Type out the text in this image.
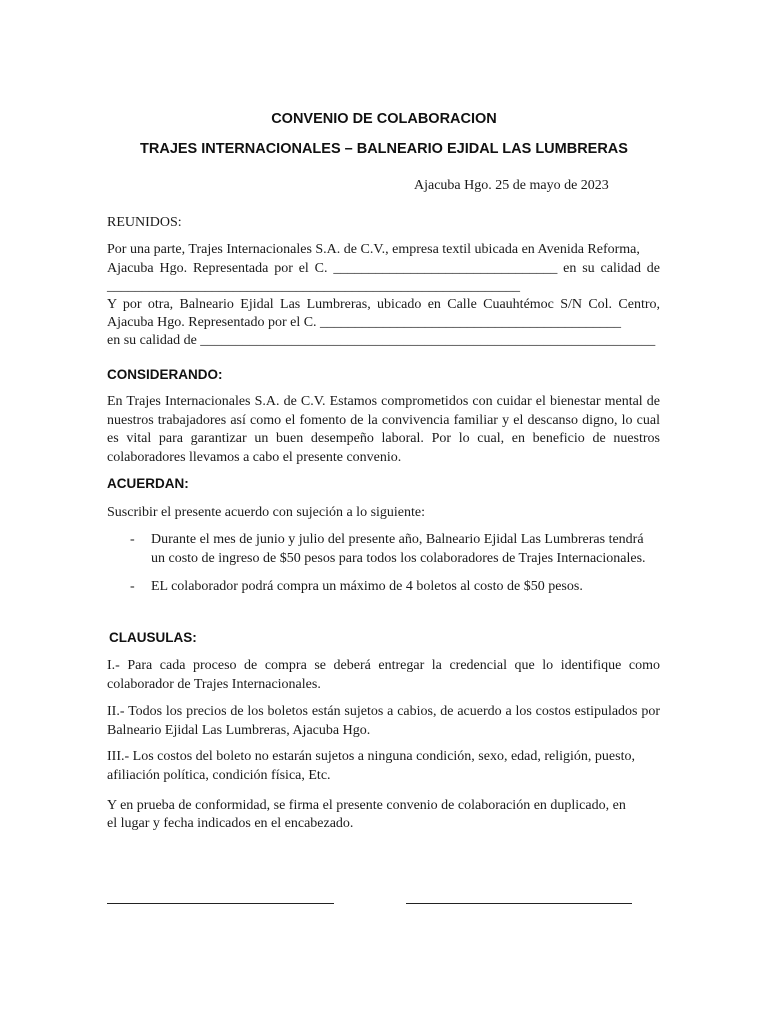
CONVENIO DE COLABORACION
TRAJES INTERNACIONALES – BALNEARIO EJIDAL LAS LUMBRERAS
Ajacuba Hgo. 25 de mayo de 2023
REUNIDOS:
Por una parte, Trajes Internacionales S.A. de C.V., empresa textil ubicada en Avenida Reforma,
Ajacuba Hgo. Representada por el C. ________________________________ en su calidad de
___________________________________________________________
Y por otra, Balneario Ejidal Las Lumbreras, ubicado en Calle Cuauhtémoc S/N Col. Centro,
Ajacuba Hgo. Representado por el C. ___________________________________________
en su calidad de _________________________________________________________________
CONSIDERANDO:
En Trajes Internacionales S.A. de C.V. Estamos comprometidos con cuidar el bienestar mental de nuestros trabajadores así como el fomento de la convivencia familiar y el descanso digno, lo cual es vital para garantizar un buen desempeño laboral. Por lo cual, en beneficio de nuestros colaboradores llevamos a cabo el presente convenio.
ACUERDAN:
Suscribir el presente acuerdo con sujeción a lo siguiente:
- Durante el mes de junio y julio del presente año, Balneario Ejidal Las Lumbreras tendrá
un costo de ingreso de $50 pesos para todos los colaboradores de Trajes Internacionales.
- EL colaborador podrá compra un máximo de 4 boletos al costo de $50 pesos.
CLAUSULAS:
I.- Para cada proceso de compra se deberá entregar la credencial que lo identifique como colaborador de Trajes Internacionales.
II.- Todos los precios de los boletos están sujetos a cabios, de acuerdo a los costos estipulados por Balneario Ejidal Las Lumbreras, Ajacuba Hgo.
III.- Los costos del boleto no estarán sujetos a ninguna condición, sexo, edad, religión, puesto, afiliación política, condición física, Etc.
Y en prueba de conformidad, se firma el presente convenio de colaboración en duplicado, en
el lugar y fecha indicados en el encabezado.
